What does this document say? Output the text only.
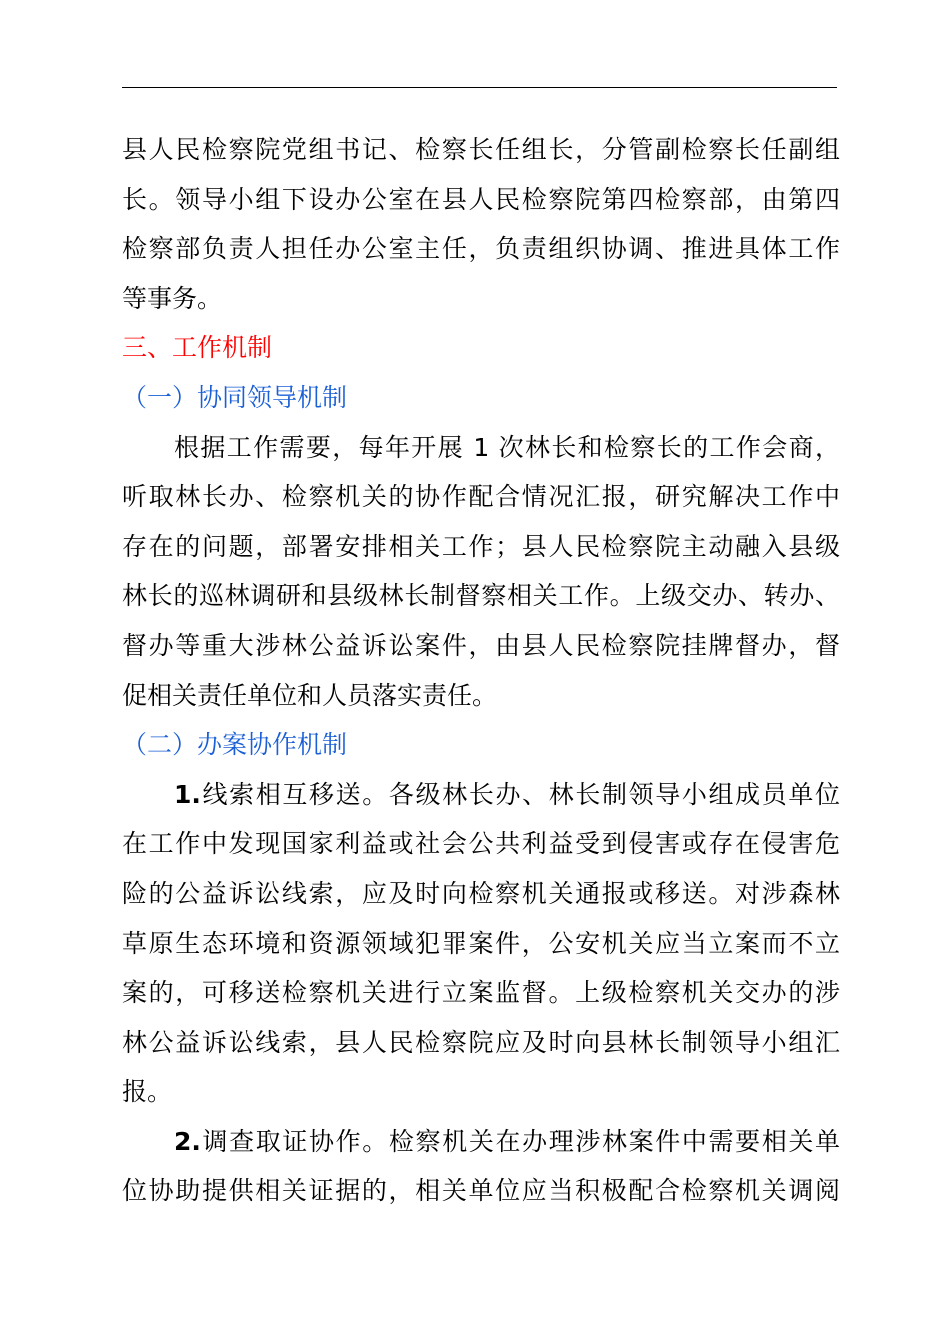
县人民检察院党组书记、检察长任组长，分管副检察长任副组

长。领导小组下设办公室在县人民检察院第四检察部，由第四

检察部负责人担任办公室主任，负责组织协调、推进具体工作

等事务。

三、工作机制

（一）协同领导机制

根据工作需要，每年开展 1 次林长和检察长的工作会商，

听取林长办、检察机关的协作配合情况汇报，研究解决工作中

存在的问题，部署安排相关工作；县人民检察院主动融入县级

林长的巡林调研和县级林长制督察相关工作。上级交办、转办、

督办等重大涉林公益诉讼案件，由县人民检察院挂牌督办，督

促相关责任单位和人员落实责任。

（二）办案协作机制

1.线索相互移送。各级林长办、林长制领导小组成员单位

在工作中发现国家利益或社会公共利益受到侵害或存在侵害危

险的公益诉讼线索，应及时向检察机关通报或移送。对涉森林

草原生态环境和资源领域犯罪案件，公安机关应当立案而不立

案的，可移送检察机关进行立案监督。上级检察机关交办的涉

林公益诉讼线索，县人民检察院应及时向县林长制领导小组汇

报。

2.调查取证协作。检察机关在办理涉林案件中需要相关单

位协助提供相关证据的，相关单位应当积极配合检察机关调阅
